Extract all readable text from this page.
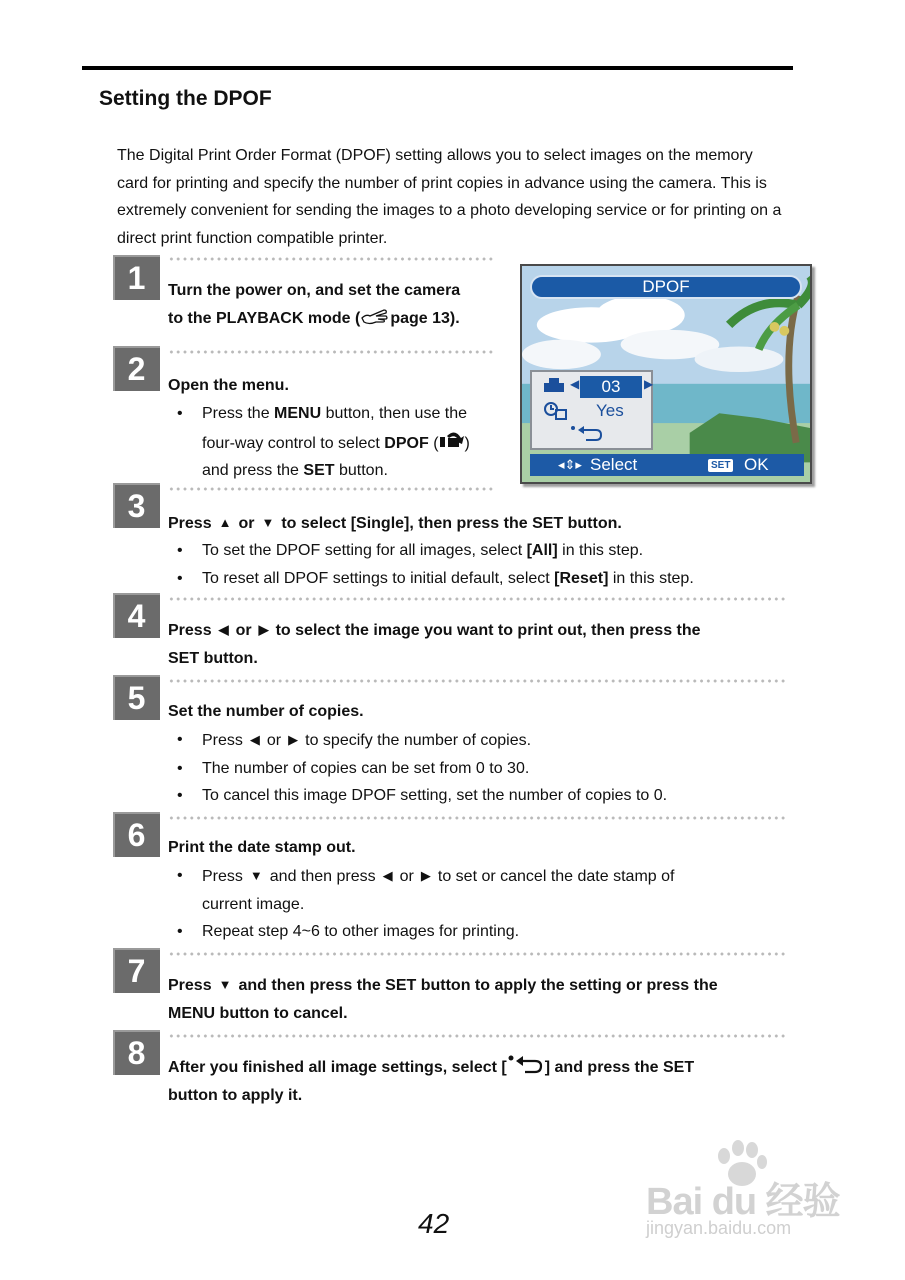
Setting the DPOF
The Digital Print Order Format (DPOF) setting allows you to select images on the memory card for printing and specify the number of print copies in advance using the camera. This is extremely convenient for sending the images to a photo developing service or for printing on a direct print function compatible printer.
1	Turn the power on, and set the camera
to the PLAYBACK mode ( page 13).
2	Open the menu.
• Press the MENU button, then use the
four-way control to select DPOF ( )
and press the SET button.
DPOF
◀	03	▶
Yes
◂⇕▸ Select	SET OK
3	Press ▲ or ▼ to select [Single], then press the SET button.
• To set the DPOF setting for all images, select [All] in this step.
• To reset all DPOF settings to initial default, select [Reset] in this step.
4	Press ◀ or ▶ to select the image you want to print out, then press the
SET button.
5	Set the number of copies.
• Press ◀ or ▶ to specify the number of copies.
• The number of copies can be set from 0 to 30.
• To cancel this image DPOF setting, set the number of copies to 0.
6	Print the date stamp out.
• Press ▼ and then press ◀ or ▶ to set or cancel the date stamp of
current image.
• Repeat step 4~6 to other images for printing.
7	Press ▼ and then press the SET button to apply the setting or press the
MENU button to cancel.
8	After you finished all image settings, select [ ] and press the SET
button to apply it.
42
Bai du 经验
jingyan.baidu.com
